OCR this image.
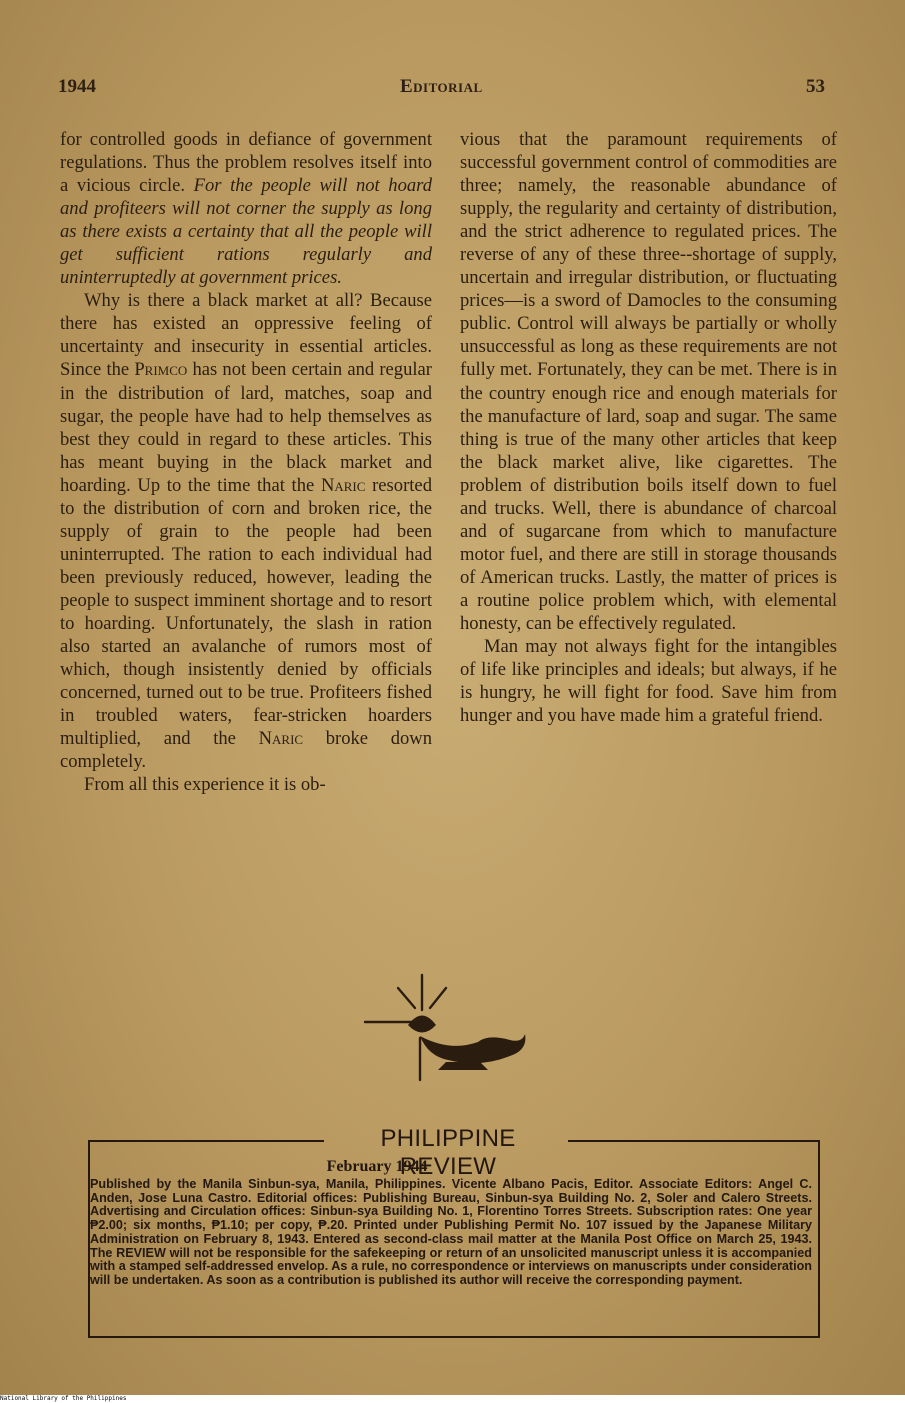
1944	Editorial	53

for controlled goods in defiance of government regulations. Thus the problem resolves itself into a vicious circle. For the people will not hoard and profiteers will not corner the supply as long as there exists a certainty that all the people will get sufficient rations regularly and uninterruptedly at government prices.

Why is there a black market at all? Because there has existed an oppressive feeling of uncertainty and insecurity in essential articles. Since the Primco has not been certain and regular in the distribution of lard, matches, soap and sugar, the people have had to help themselves as best they could in regard to these articles. This has meant buying in the black market and hoarding. Up to the time that the Naric resorted to the distribution of corn and broken rice, the supply of grain to the people had been uninterrupted. The ration to each individual had been previously reduced, however, leading the people to suspect imminent shortage and to resort to hoarding. Unfortunately, the slash in ration also started an avalanche of rumors most of which, though insistently denied by officials concerned, turned out to be true. Profiteers fished in troubled waters, fear-stricken hoarders multiplied, and the Naric broke down completely.

From all this experience it is ob-

vious that the paramount requirements of successful government control of commodities are three; namely, the reasonable abundance of supply, the regularity and certainty of distribution, and the strict adherence to regulated prices. The reverse of any of these three--shortage of supply, uncertain and irregular distribution, or fluctuating prices—is a sword of Damocles to the consuming public. Control will always be partially or wholly unsuccessful as long as these requirements are not fully met. Fortunately, they can be met. There is in the country enough rice and enough materials for the manufacture of lard, soap and sugar. The same thing is true of the many other articles that keep the black market alive, like cigarettes. The problem of distribution boils itself down to fuel and trucks. Well, there is abundance of charcoal and of sugarcane from which to manufacture motor fuel, and there are still in storage thousands of American trucks. Lastly, the matter of prices is a routine police problem which, with elemental honesty, can be effectively regulated.

Man may not always fight for the intangibles of life like principles and ideals; but always, if he is hungry, he will fight for food. Save him from hunger and you have made him a grateful friend.

PHILIPPINE REVIEW
February 1944
Published by the Manila Sinbun-sya, Manila, Philippines. Vicente Albano Pacis, Editor. Associate Editors: Angel C. Anden, Jose Luna Castro. Editorial offices: Publishing Bureau, Sinbun-sya Building No. 2, Soler and Calero Streets. Advertising and Circulation offices: Sinbun-sya Building No. 1, Florentino Torres Streets. Subscription rates: One year ₱2.00; six months, ₱1.10; per copy, ₱.20. Printed under Publishing Permit No. 107 issued by the Japanese Military Administration on February 8, 1943. Entered as second-class mail matter at the Manila Post Office on March 25, 1943. The REVIEW will not be responsible for the safekeeping or return of an unsolicited manuscript unless it is accompanied with a stamped self-addressed envelop. As a rule, no correspondence or interviews on manuscripts under consideration will be undertaken. As soon as a contribution is published its author will receive the corresponding payment.
National Library of the Philippines
